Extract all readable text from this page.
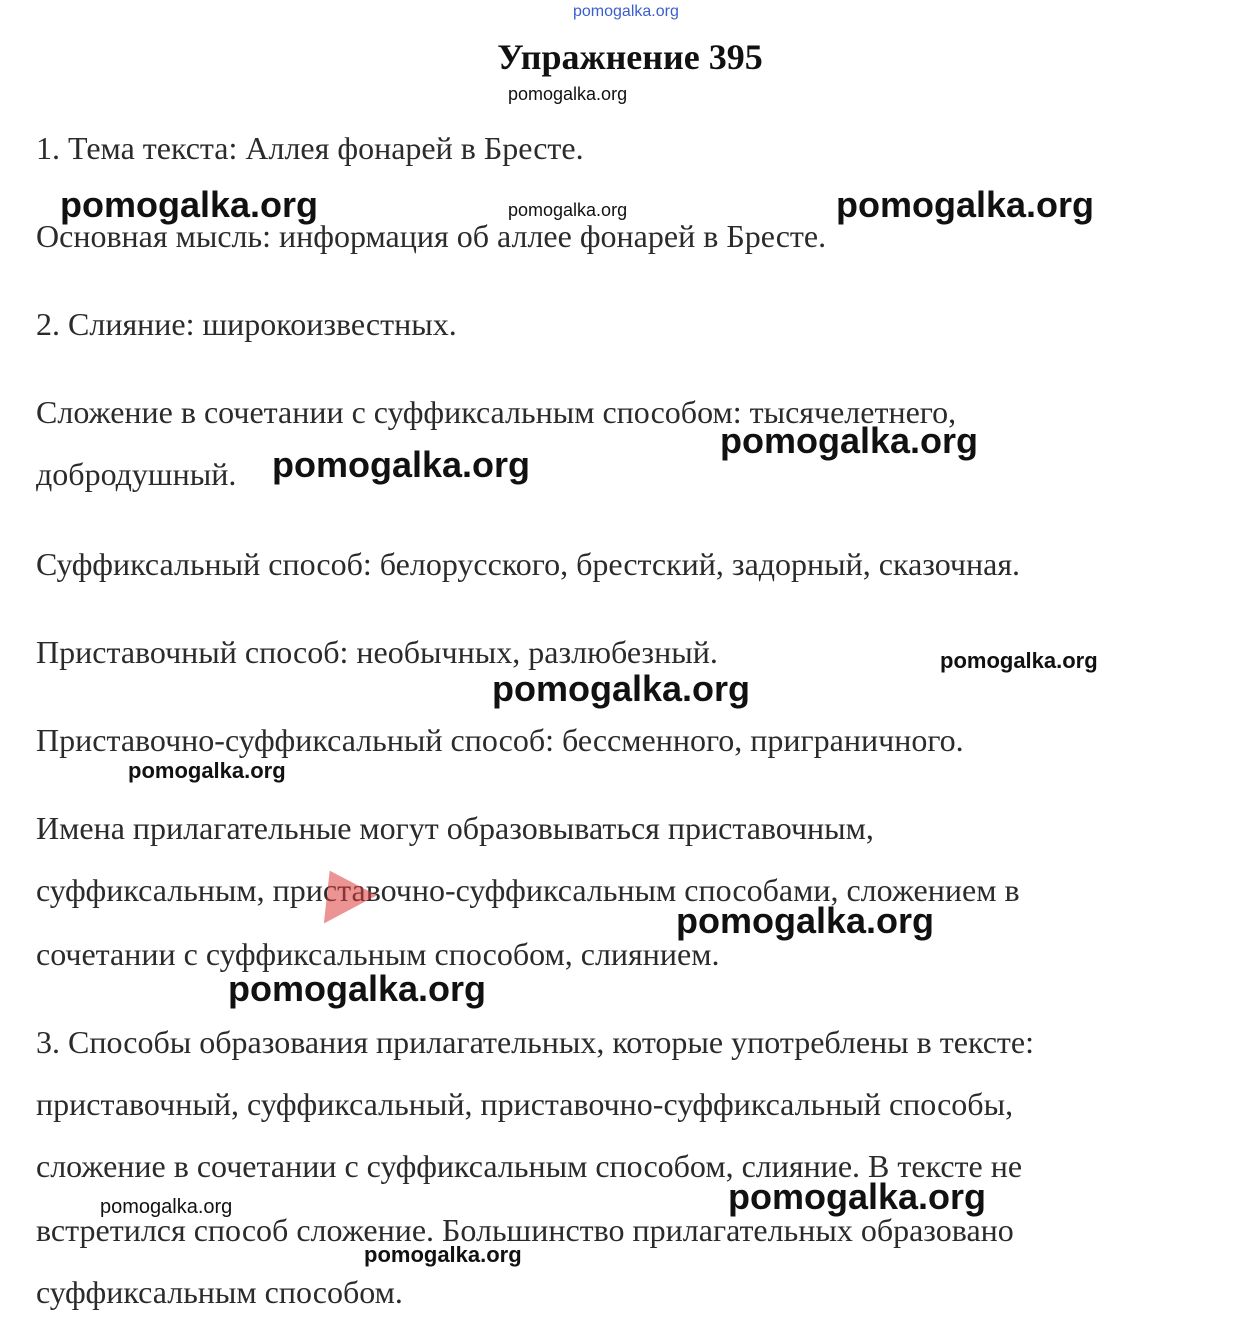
pomogalka.org
Упражнение 395
pomogalka.org
1. Тема текста: Аллея фонарей в Бресте.
Основная мысль: информация об аллее фонарей в Бресте.
2. Слияние: широкоизвестных.
Сложение в сочетании с суффиксальным способом: тысячелетнего,
добродушный.
Суффиксальный способ: белорусского, брестский, задорный, сказочная.
Приставочный способ: необычных, разлюбезный.
Приставочно-суффиксальный способ: бессменного, приграничного.
Имена прилагательные могут образовываться приставочным,
суффиксальным, приставочно-суффиксальным способами, сложением в
сочетании с суффиксальным способом, слиянием.
3. Способы образования прилагательных, которые употреблены в тексте:
приставочный, суффиксальный, приставочно-суффиксальный способы,
сложение в сочетании с суффиксальным способом, слияние. В тексте не
встретился способ сложение. Большинство прилагательных образовано
суффиксальным способом.
pomogalka.org	pomogalka.org	pomogalka.org
pomogalka.org
pomogalka.org
pomogalka.org
pomogalka.org
pomogalka.org
pomogalka.org
pomogalka.org
pomogalka.org
pomogalka.org
pomogalka.org
